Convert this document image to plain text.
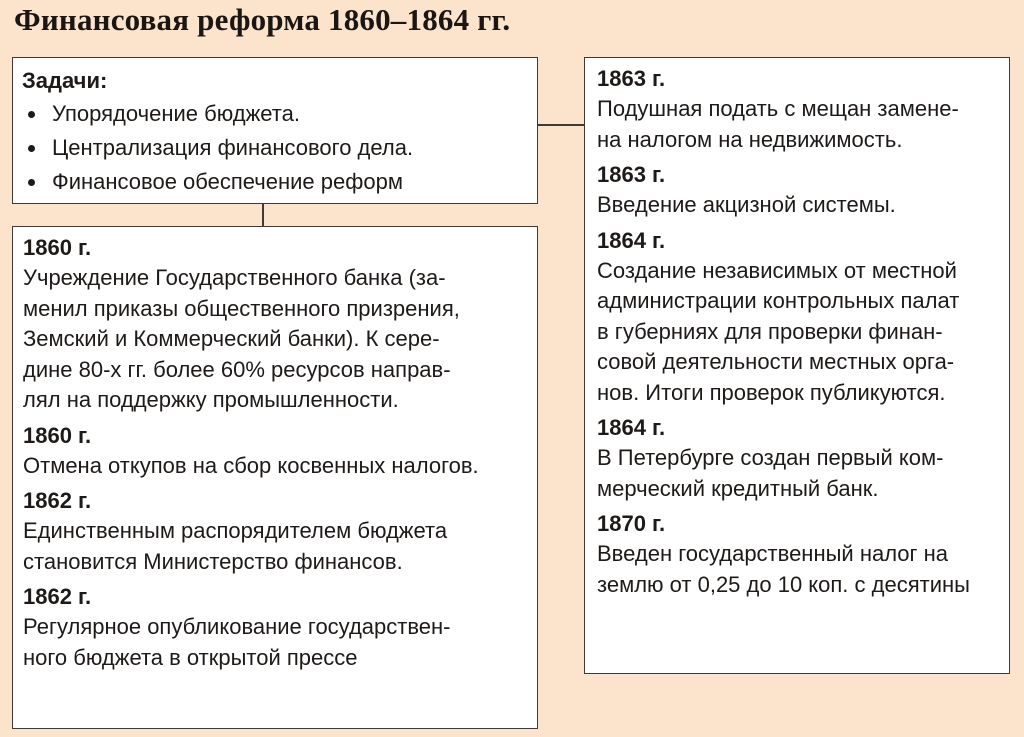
Финансовая реформа 1860–1864 гг.
Задачи:
Упорядочение бюджета.
Централизация финансового дела.
Финансовое обеспечение реформ
1860 г.
Учреждение Государственного банка (за-
менил приказы общественного призрения,
Земский и Коммерческий банки). К сере-
дине 80-х гг. более 60% ресурсов направ-
лял на поддержку промышленности.
1860 г.
Отмена откупов на сбор косвенных налогов.
1862 г.
Единственным распорядителем бюджета
становится Министерство финансов.
1862 г.
Регулярное опубликование государствен-
ного бюджета в открытой прессе
1863 г.
Подушная подать с мещан замене-
на налогом на недвижимость.
1863 г.
Введение акцизной системы.
1864 г.
Создание независимых от местной
администрации контрольных палат
в губерниях для проверки финан-
совой деятельности местных орга-
нов. Итоги проверок публикуются.
1864 г.
В Петербурге создан первый ком-
мерческий кредитный банк.
1870 г.
Введен государственный налог на
землю от 0,25 до 10 коп. с десятины
